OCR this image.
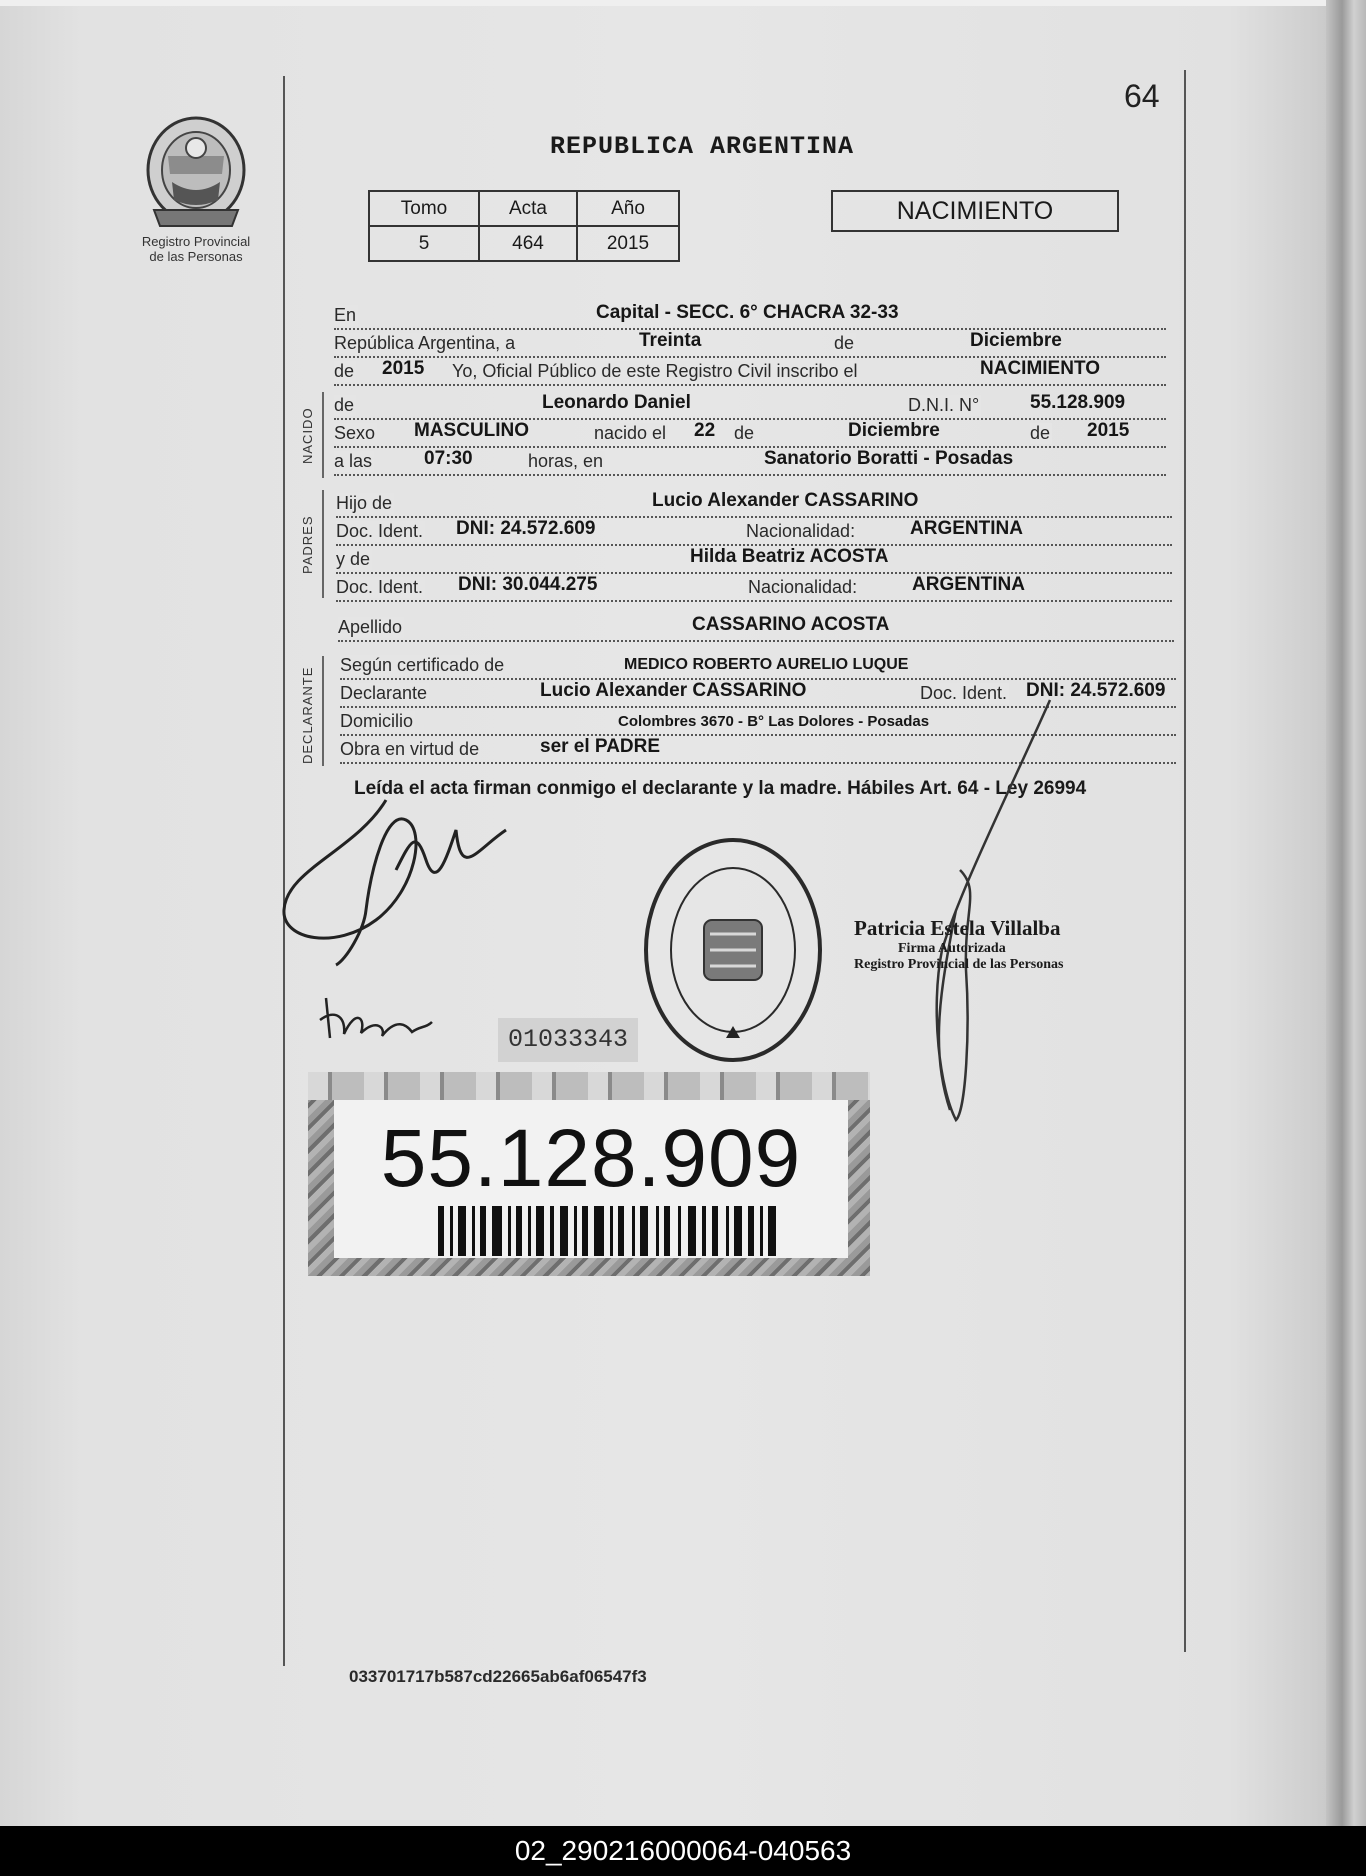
64
Registro Provincial
de las Personas
REPUBLICA ARGENTINA
Tomo	Acta	Año
5	464	2015
NACIMIENTO
En	Capital - SECC. 6° CHACRA 32-33
República Argentina, a	Treinta	de	Diciembre
de 2015 Yo, Oficial Público de este Registro Civil inscribo el	NACIMIENTO
NACIDO
de	Leonardo Daniel	D.N.I. N°	55.128.909
Sexo MASCULINO	nacido el 22 de	Diciembre	de 2015
a las	07:30	horas, en	Sanatorio Boratti - Posadas
PADRES
Hijo de	Lucio Alexander CASSARINO
Doc. Ident. DNI: 24.572.609	Nacionalidad:	ARGENTINA
y de	Hilda Beatriz ACOSTA
Doc. Ident. DNI: 30.044.275	Nacionalidad:	ARGENTINA
Apellido	CASSARINO ACOSTA
DECLARANTE
Según certificado de	MEDICO ROBERTO AURELIO LUQUE
Declarante	Lucio Alexander CASSARINO	Doc. Ident. DNI: 24.572.609
Domicilio	Colombres 3670 - B° Las Dolores - Posadas
Obra en virtud de	ser el PADRE
Leída el acta firman conmigo el declarante y la madre. Hábiles Art. 64 - Ley 26994
Patricia Estela Villalba
Firma Autorizada
Registro Provincial de las Personas
01033343
55.128.909
033701717b587cd22665ab6af06547f3
02_290216000064-040563
